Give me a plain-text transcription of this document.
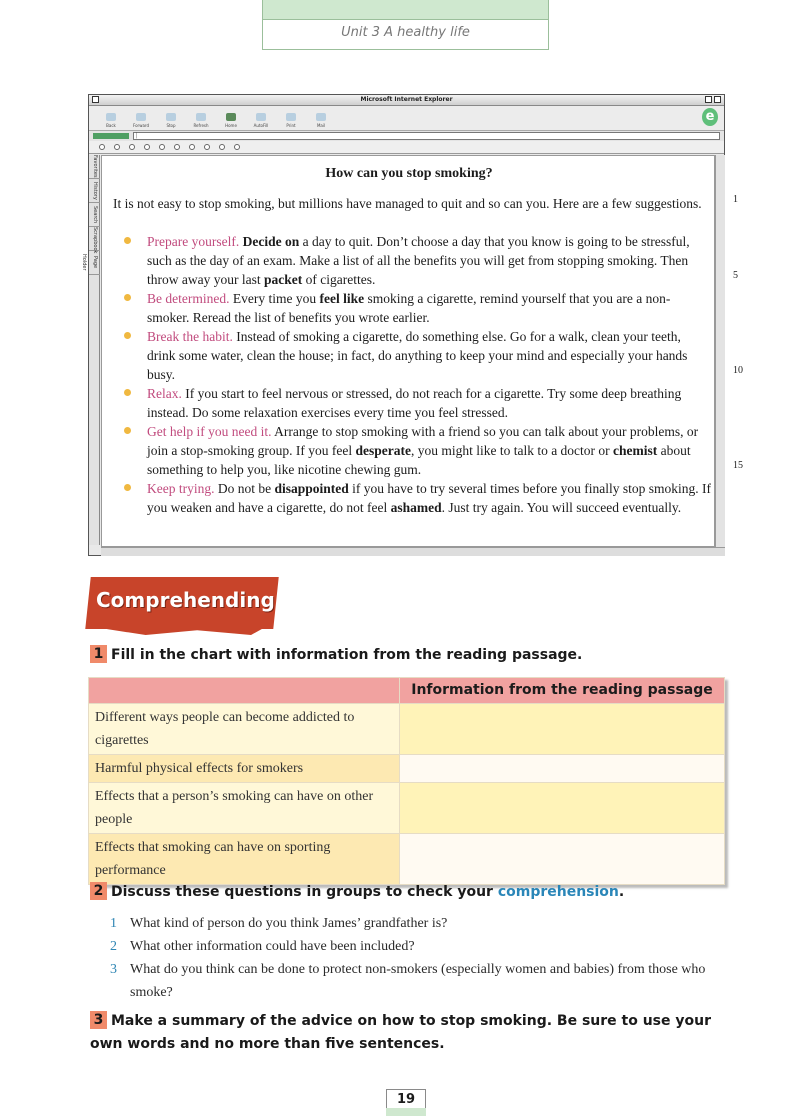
Unit 3 A healthy life
Microsoft Internet Explorer
Back	Forward	Stop	Refresh	Home	AutoFill	Print	Mail
e
|
Favorites
History
Search
Scrapbook
Page Holder
How can you stop smoking?
It is not easy to stop smoking, but millions have managed to quit and so can you. Here are a few suggestions.
Prepare yourself. Decide on a day to quit. Don’t choose a day that you know is going to be stressful, such as the day of an exam. Make a list of all the benefits you will get from stopping smoking. Then throw away your last packet of cigarettes.
Be determined. Every time you feel like smoking a cigarette, remind yourself that you are a non-smoker. Reread the list of benefits you wrote earlier.
Break the habit. Instead of smoking a cigarette, do something else. Go for a walk, clean your teeth, drink some water, clean the house; in fact, do anything to keep your mind and especially your hands busy.
Relax. If you start to feel nervous or stressed, do not reach for a cigarette. Try some deep breathing instead. Do some relaxation exercises every time you feel stressed.
Get help if you need it. Arrange to stop smoking with a friend so you can talk about your problems, or join a stop-smoking group. If you feel desperate, you might like to talk to a doctor or chemist about something to help you, like nicotine chewing gum.
Keep trying. Do not be disappointed if you have to try several times before you finally stop smoking. If you weaken and have a cigarette, do not feel ashamed. Just try again. You will succeed eventually.
1
5
10
15
Comprehending
1 Fill in the chart with information from the reading passage.
	Information from the reading passage
Different ways people can become addicted to cigarettes	
Harmful physical effects for smokers	
Effects that a person’s smoking can have on other people	
Effects that smoking can have on sporting performance	
2 Discuss these questions in groups to check your comprehension.
1 What kind of person do you think James’ grandfather is?
2 What other information could have been included?
3 What do you think can be done to protect non-smokers (especially women and babies) from those who smoke?
3 Make a summary of the advice on how to stop smoking. Be sure to use your own words and no more than five sentences.
19
